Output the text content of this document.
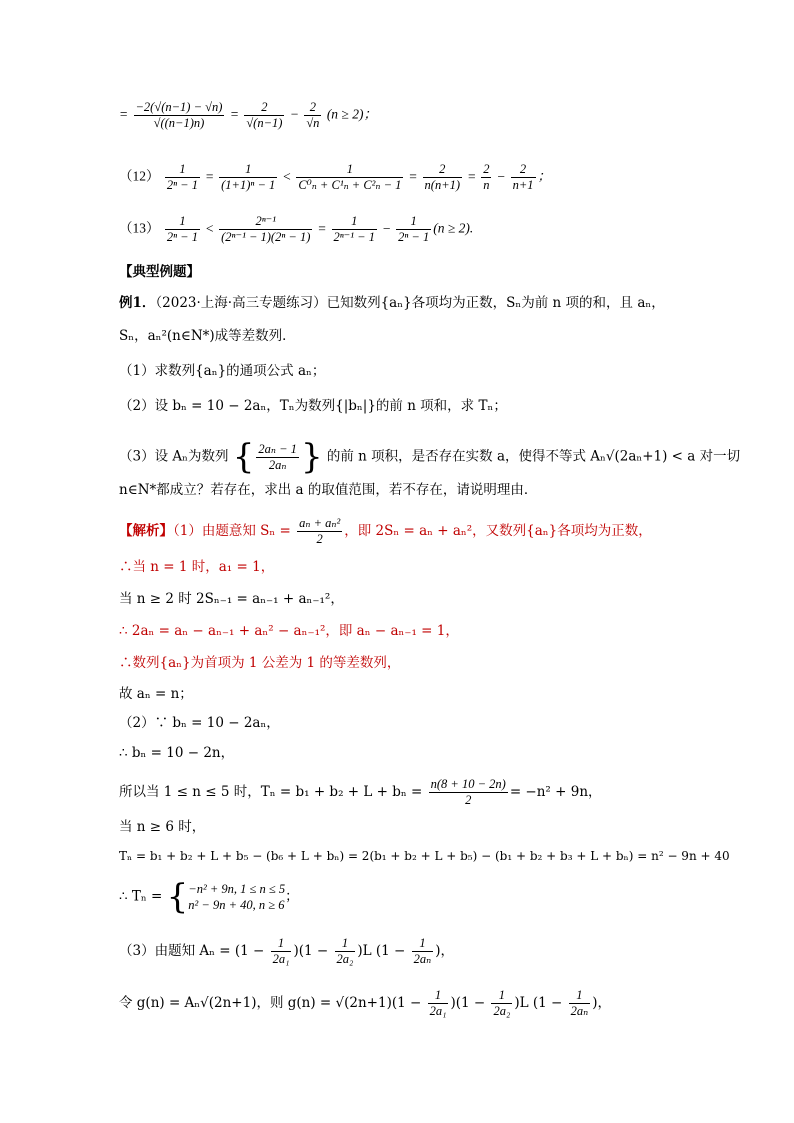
= $\frac{-2(√(n-1) - √n)}{√((n-1)n)} = \frac{2}{√(n-1)} - \frac{2}{√n} (n \ge 2)$；
$(12) \frac{1}{\text{2ⁿ − 1}} = \frac{1}{\text{(1+1)ⁿ − 1}} < \frac{1}{\text{C⁰ₙ + C¹ₙ + C²ₙ − 1}} = \frac{2}{n(n+1)} = \frac{2}{n} - \frac{2}{n+1}$ ；
$(13) \frac{1}{\text{2ⁿ − 1}} < \frac{\text{2ⁿ⁻¹}}{\text{(2ⁿ⁻¹ − 1)(2ⁿ − 1)}} = \frac{1}{\text{2ⁿ⁻¹ − 1}} - \frac{1}{\text{2ⁿ − 1}} (n \ge 2)$.
【典型例题】
例1．（2023·上海·高三专题练习）已知数列{aₙ}各项均为正数，Sₙ为前 n 项的和，且 aₙ，
Sₙ，aₙ²(n∈N*)成等差数列．
（1）求数列{aₙ}的通项公式 aₙ；
（2）设 bₙ = 10 − 2aₙ，Tₙ为数列{|bₙ|}的前 n 项和，求 Tₙ；
（3）设 Aₙ为数列 { $\frac{\text{2aₙ − 1}}{\text{2aₙ}}$ } 的前 n 项积，是否存在实数 a，使得不等式 Aₙ√(2aₙ+1) < a 对一切
n∈N*都成立？若存在，求出 a 的取值范围，若不存在，请说明理由．
【解析】（1）由题意知 $S_n = \frac{\text{aₙ + aₙ²}}{2}$ ，即 2Sₙ = aₙ + aₙ²，又数列{aₙ}各项均为正数，
∴当 n = 1 时，a₁ = 1，
当 n ≥ 2 时 2Sₙ₋₁ = aₙ₋₁ + aₙ₋₁²，
∴ 2aₙ = aₙ − aₙ₋₁ + aₙ² − aₙ₋₁²，即 aₙ − aₙ₋₁ = 1，
∴数列{aₙ}为首项为 1 公差为 1 的等差数列，
故 aₙ = n；
（2）∵ bₙ = 10 − 2aₙ，
∴ bₙ = 10 − 2n，
所以当 1 ≤ n ≤ 5 时，$T_n = b_1 + b_2 + L + b_n = \frac{n(8 + 10 - 2n)}{2} = -n^2 + 9n$，
当 n ≥ 6 时，
Tₙ = b₁ + b₂ + L + b₅ − (b₆ + L + bₙ) = 2(b₁ + b₂ + L + b₅) − (b₁ + b₂ + b₃ + L + bₙ) = n² − 9n + 40
∴ Tₙ = { −n² + 9n, 1 ≤ n ≤ 5
n² − 9n + 40, n ≥ 6
；
（3）由题知 $A_n = (1 - \frac{1}{\text{2a₁}} )(1 - \frac{1}{\text{2a₂}} )L$ ($1 - \frac{1}{\text{2aₙ}}$ )，
令 g(n) = Aₙ√(2n+1)，则 $g(n) = √(2n+1)(1 - \frac{1}{\text{2a₁}} )(1 - \frac{1}{\text{2a₂}} )L$ ($1 - \frac{1}{\text{2aₙ}}$ )，
